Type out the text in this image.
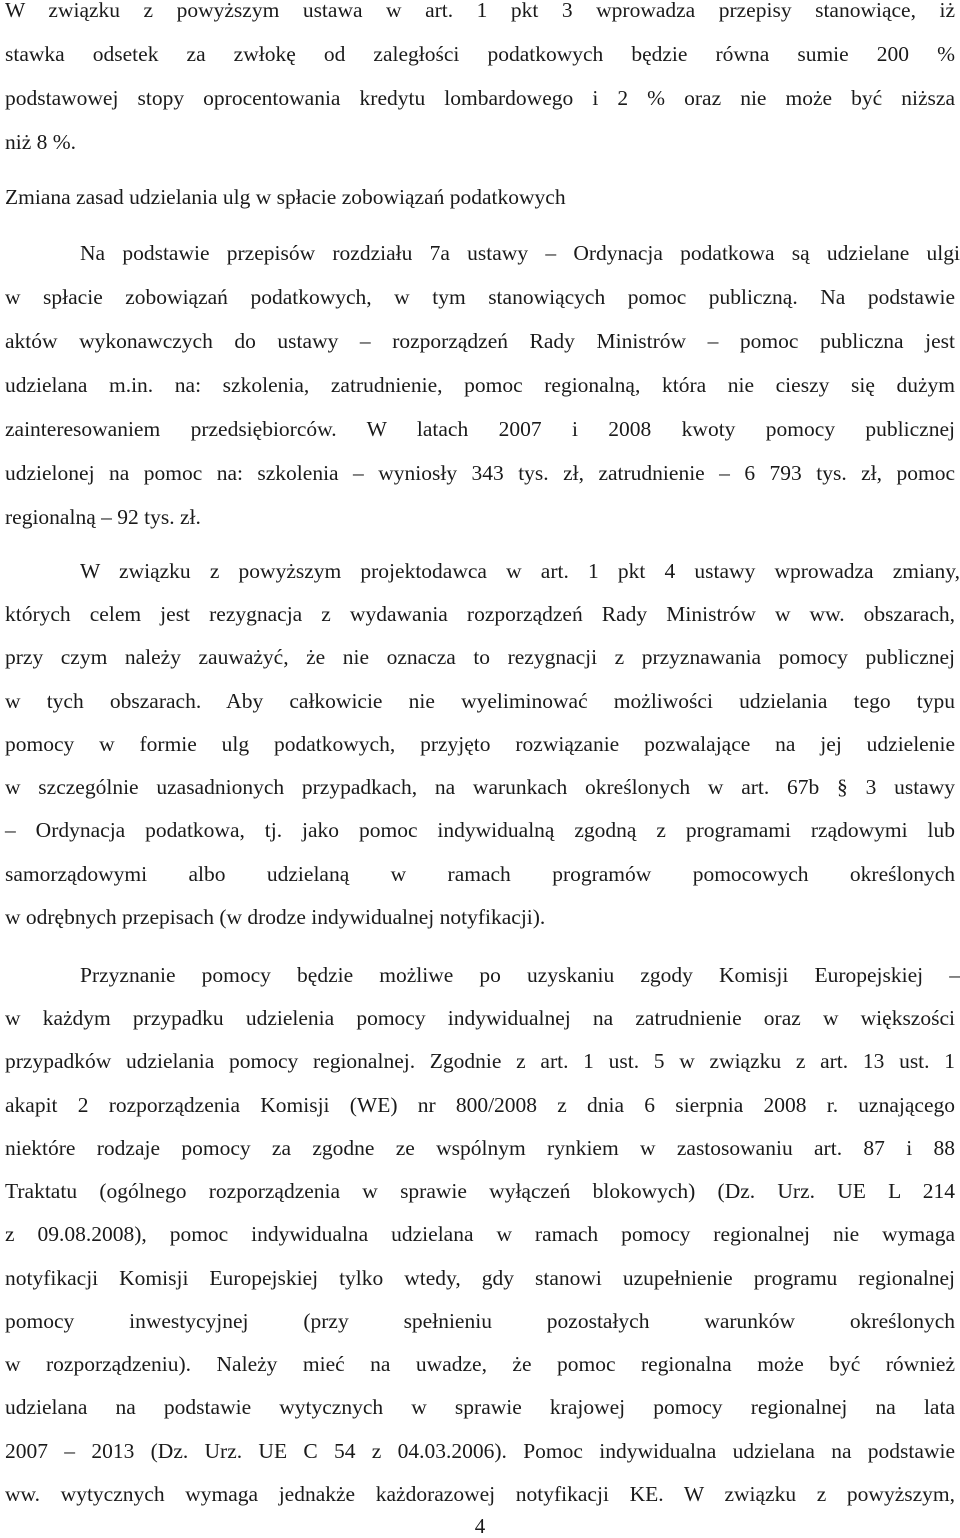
W związku z powyższym ustawa w art. 1 pkt 3 wprowadza przepisy stanowiące, iż
stawka odsetek za zwłokę od zaległości podatkowych będzie równa sumie 200 %
podstawowej stopy oprocentowania kredytu lombardowego i 2 % oraz nie może być niższa
niż 8 %.
Zmiana zasad udzielania ulg w spłacie zobowiązań podatkowych
Na podstawie przepisów rozdziału 7a ustawy – Ordynacja podatkowa są udzielane ulgi
w spłacie zobowiązań podatkowych, w tym stanowiących pomoc publiczną. Na podstawie
aktów wykonawczych do ustawy – rozporządzeń Rady Ministrów – pomoc publiczna jest
udzielana m.in. na: szkolenia, zatrudnienie, pomoc regionalną, która nie cieszy się dużym
zainteresowaniem przedsiębiorców. W latach 2007 i 2008 kwoty pomocy publicznej
udzielonej na pomoc na: szkolenia – wyniosły 343 tys. zł, zatrudnienie – 6 793 tys. zł, pomoc
regionalną – 92 tys. zł.
W związku z powyższym projektodawca w art. 1 pkt 4 ustawy wprowadza zmiany,
których celem jest rezygnacja z wydawania rozporządzeń Rady Ministrów w ww. obszarach,
przy czym należy zauważyć, że nie oznacza to rezygnacji z przyznawania pomocy publicznej
w tych obszarach. Aby całkowicie nie wyeliminować możliwości udzielania tego typu
pomocy w formie ulg podatkowych, przyjęto rozwiązanie pozwalające na jej udzielenie
w szczególnie uzasadnionych przypadkach, na warunkach określonych w art. 67b § 3 ustawy
– Ordynacja podatkowa, tj. jako pomoc indywidualną zgodną z programami rządowymi lub
samorządowymi albo udzielaną w ramach programów pomocowych określonych
w odrębnych przepisach (w drodze indywidualnej notyfikacji).
Przyznanie pomocy będzie możliwe po uzyskaniu zgody Komisji Europejskiej –
w każdym przypadku udzielenia pomocy indywidualnej na zatrudnienie oraz w większości
przypadków udzielania pomocy regionalnej. Zgodnie z art. 1 ust. 5 w związku z art. 13 ust. 1
akapit 2 rozporządzenia Komisji (WE) nr 800/2008 z dnia 6 sierpnia 2008 r. uznającego
niektóre rodzaje pomocy za zgodne ze wspólnym rynkiem w zastosowaniu art. 87 i 88
Traktatu (ogólnego rozporządzenia w sprawie wyłączeń blokowych) (Dz. Urz. UE L 214
z 09.08.2008), pomoc indywidualna udzielana w ramach pomocy regionalnej nie wymaga
notyfikacji Komisji Europejskiej tylko wtedy, gdy stanowi uzupełnienie programu regionalnej
pomocy inwestycyjnej (przy spełnieniu pozostałych warunków określonych
w rozporządzeniu). Należy mieć na uwadze, że pomoc regionalna może być również
udzielana na podstawie wytycznych w sprawie krajowej pomocy regionalnej na lata
2007 – 2013 (Dz. Urz. UE C 54 z 04.03.2006). Pomoc indywidualna udzielana na podstawie
ww. wytycznych wymaga jednakże każdorazowej notyfikacji KE. W związku z powyższym,
4
